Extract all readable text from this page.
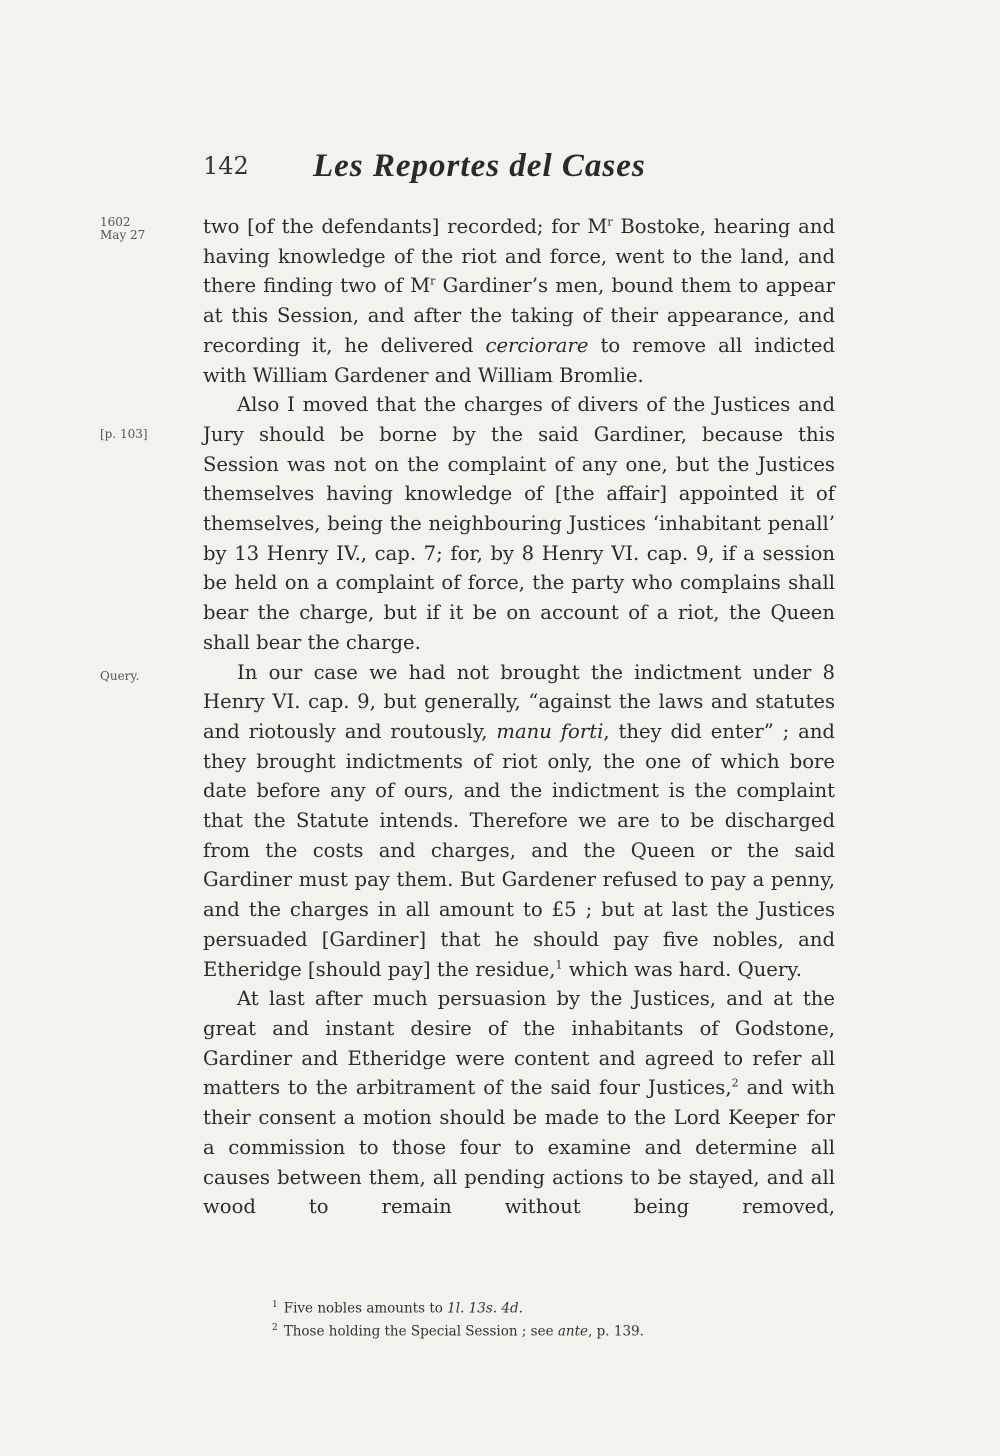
142 Les Reportes del Cases
1602
May 27
[p. 103]
Query.

two [of the defendants] recorded; for M$^r$ Bostoke, hearing and having knowledge of the riot and force, went to the land, and there finding two of M$^r$ Gardiner’s men, bound them to appear at this Session, and after the taking of their appearance, and recording it, he delivered cerciorare to remove all indicted with William Gardener and William Bromlie.

Also I moved that the charges of divers of the Justices and Jury should be borne by the said Gardiner, because this Session was not on the complaint of any one, but the Justices themselves having knowledge of [the affair] appointed it of themselves, being the neighbouring Justices ‘inhabitant penall’ by 13 Henry IV., cap. 7; for, by 8 Henry VI. cap. 9, if a session be held on a complaint of force, the party who complains shall bear the charge, but if it be on account of a riot, the Queen shall bear the charge.

In our case we had not brought the indictment under 8 Henry VI. cap. 9, but generally, “against the laws and statutes and riotously and routously, manu forti, they did enter” ; and they brought indictments of riot only, the one of which bore date before any of ours, and the indictment is the complaint that the Statute intends. Therefore we are to be discharged from the costs and charges, and the Queen or the said Gardiner must pay them. But Gardener refused to pay a penny, and the charges in all amount to £5 ; but at last the Justices persuaded [Gardiner] that he should pay five nobles, and Etheridge [should pay] the residue,$^1$ which was hard. Query.

At last after much persuasion by the Justices, and at the great and instant desire of the inhabitants of Godstone, Gardiner and Etheridge were content and agreed to refer all matters to the arbitrament of the said four Justices,$^2$ and with their consent a motion should be made to the Lord Keeper for a commission to those four to examine and determine all causes between them, all pending actions to be stayed, and all wood to remain without being removed,

$^1$ Five nobles amounts to 1l. 13s. 4d.
$^2$ Those holding the Special Session ; see ante, p. 139.
